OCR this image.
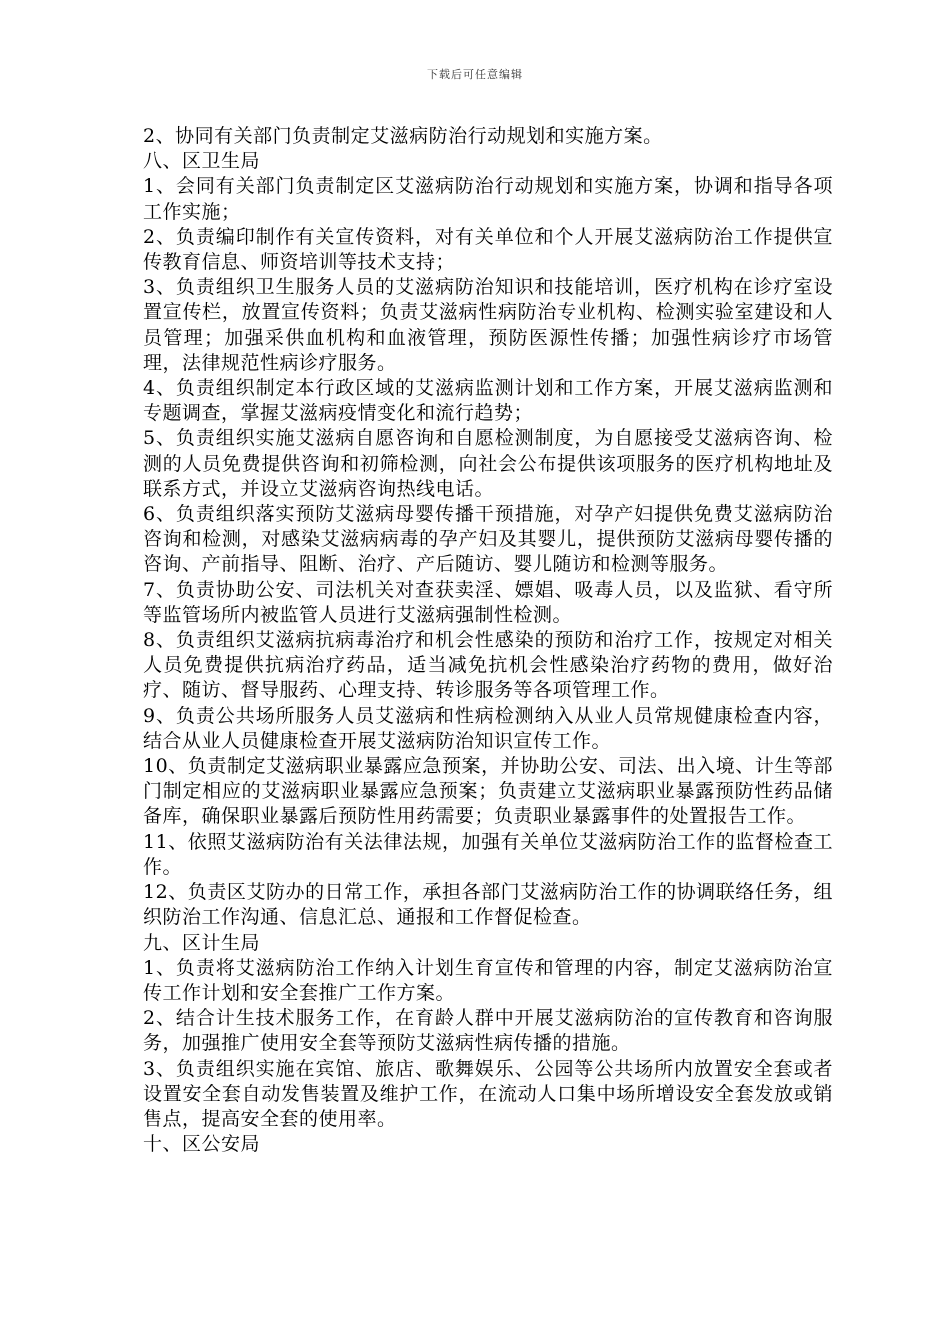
下载后可任意编辑

2、协同有关部门负责制定艾滋病防治行动规划和实施方案。

八、区卫生局

1、会同有关部门负责制定区艾滋病防治行动规划和实施方案，协调和指导各项工作实施；

2、负责编印制作有关宣传资料，对有关单位和个人开展艾滋病防治工作提供宣传教育信息、师资培训等技术支持；

3、负责组织卫生服务人员的艾滋病防治知识和技能培训，医疗机构在诊疗室设置宣传栏，放置宣传资料；负责艾滋病性病防治专业机构、检测实验室建设和人员管理；加强采供血机构和血液管理，预防医源性传播；加强性病诊疗市场管理，法律规范性病诊疗服务。

4、负责组织制定本行政区域的艾滋病监测计划和工作方案，开展艾滋病监测和专题调查，掌握艾滋病疫情变化和流行趋势；

5、负责组织实施艾滋病自愿咨询和自愿检测制度，为自愿接受艾滋病咨询、检测的人员免费提供咨询和初筛检测，向社会公布提供该项服务的医疗机构地址及联系方式，并设立艾滋病咨询热线电话。

6、负责组织落实预防艾滋病母婴传播干预措施，对孕产妇提供免费艾滋病防治咨询和检测，对感染艾滋病病毒的孕产妇及其婴儿，提供预防艾滋病母婴传播的咨询、产前指导、阻断、治疗、产后随访、婴儿随访和检测等服务。

7、负责协助公安、司法机关对查获卖淫、嫖娼、吸毒人员，以及监狱、看守所等监管场所内被监管人员进行艾滋病强制性检测。

8、负责组织艾滋病抗病毒治疗和机会性感染的预防和治疗工作，按规定对相关人员免费提供抗病治疗药品，适当减免抗机会性感染治疗药物的费用，做好治疗、随访、督导服药、心理支持、转诊服务等各项管理工作。

9、负责公共场所服务人员艾滋病和性病检测纳入从业人员常规健康检查内容，结合从业人员健康检查开展艾滋病防治知识宣传工作。

10、负责制定艾滋病职业暴露应急预案，并协助公安、司法、出入境、计生等部门制定相应的艾滋病职业暴露应急预案；负责建立艾滋病职业暴露预防性药品储备库，确保职业暴露后预防性用药需要；负责职业暴露事件的处置报告工作。

11、依照艾滋病防治有关法律法规，加强有关单位艾滋病防治工作的监督检查工作。

12、负责区艾防办的日常工作，承担各部门艾滋病防治工作的协调联络任务，组织防治工作沟通、信息汇总、通报和工作督促检查。

九、区计生局

1、负责将艾滋病防治工作纳入计划生育宣传和管理的内容，制定艾滋病防治宣传工作计划和安全套推广工作方案。

2、结合计生技术服务工作，在育龄人群中开展艾滋病防治的宣传教育和咨询服务，加强推广使用安全套等预防艾滋病性病传播的措施。

3、负责组织实施在宾馆、旅店、歌舞娱乐、公园等公共场所内放置安全套或者设置安全套自动发售装置及维护工作，在流动人口集中场所增设安全套发放或销售点，提高安全套的使用率。

十、区公安局
